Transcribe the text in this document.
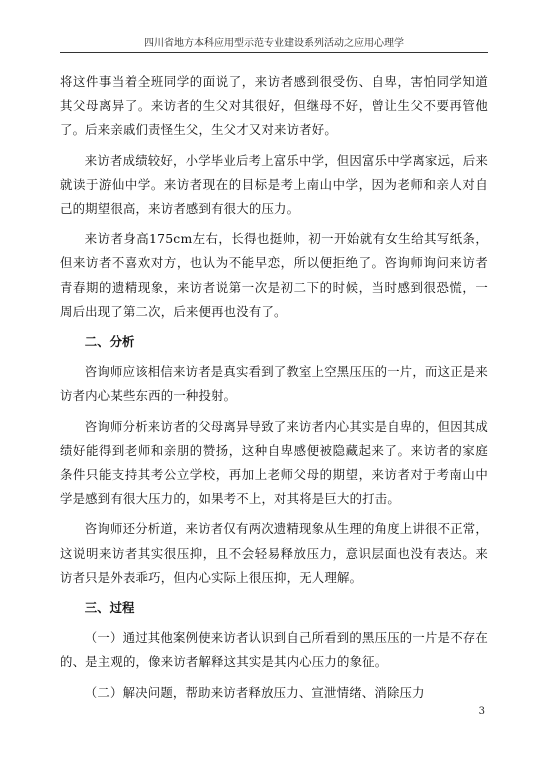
四川省地方本科应用型示范专业建设系列活动之应用心理学

将这件事当着全班同学的面说了，来访者感到很受伤、自卑，害怕同学知道其父母离异了。来访者的生父对其很好，但继母不好，曾让生父不要再管他了。后来亲戚们责怪生父，生父才又对来访者好。

来访者成绩较好，小学毕业后考上富乐中学，但因富乐中学离家远，后来就读于游仙中学。来访者现在的目标是考上南山中学，因为老师和亲人对自己的期望很高，来访者感到有很大的压力。

来访者身高175cm左右，长得也挺帅，初一开始就有女生给其写纸条，但来访者不喜欢对方，也认为不能早恋，所以便拒绝了。咨询师询问来访者青春期的遗精现象，来访者说第一次是初二下的时候，当时感到很恐慌，一周后出现了第二次，后来便再也没有了。

二、分析

咨询师应该相信来访者是真实看到了教室上空黑压压的一片，而这正是来访者内心某些东西的一种投射。

咨询师分析来访者的父母离异导致了来访者内心其实是自卑的，但因其成绩好能得到老师和亲朋的赞扬，这种自卑感便被隐藏起来了。来访者的家庭条件只能支持其考公立学校，再加上老师父母的期望，来访者对于考南山中学是感到有很大压力的，如果考不上，对其将是巨大的打击。

咨询师还分析道，来访者仅有两次遗精现象从生理的角度上讲很不正常，这说明来访者其实很压抑，且不会轻易释放压力，意识层面也没有表达。来访者只是外表乖巧，但内心实际上很压抑，无人理解。

三、过程

（一）通过其他案例使来访者认识到自己所看到的黑压压的一片是不存在的、是主观的，像来访者解释这其实是其内心压力的象征。

（二）解决问题，帮助来访者释放压力、宣泄情绪、消除压力

3
